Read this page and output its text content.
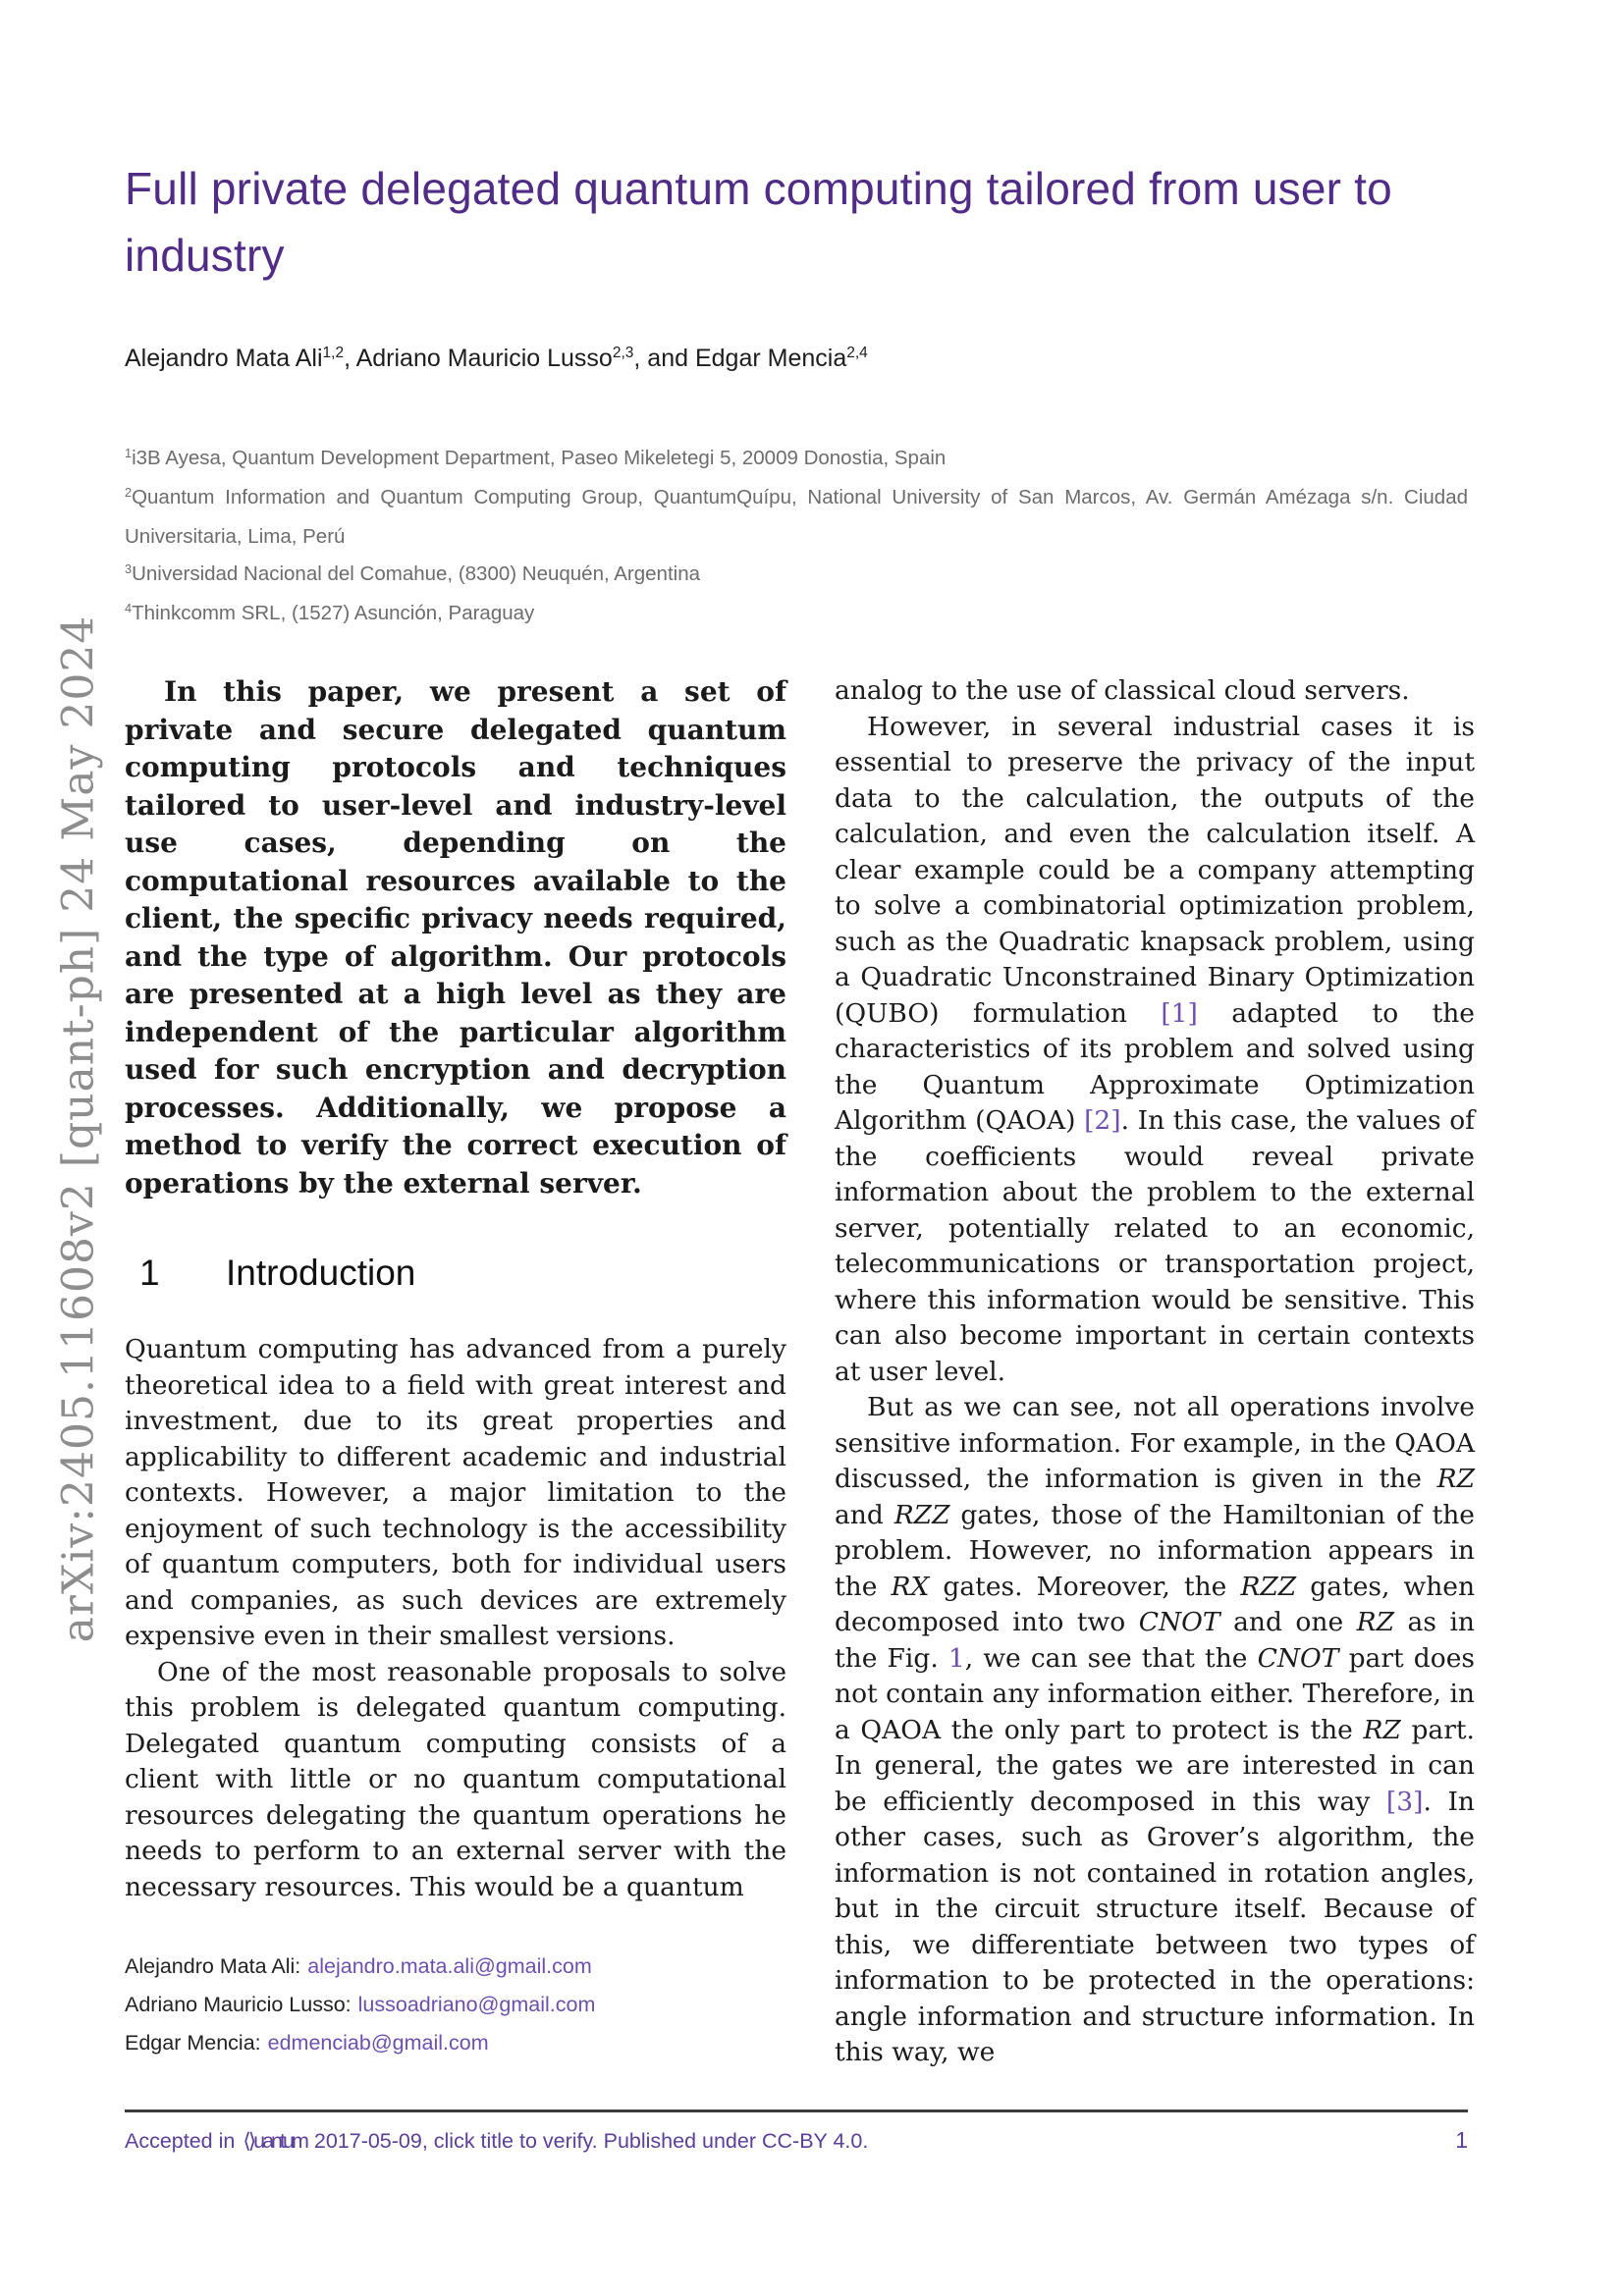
arXiv:2405.11608v2 [quant-ph] 24 May 2024
Full private delegated quantum computing tailored from user to industry
Alejandro Mata Ali$^{1,2}$, Adriano Mauricio Lusso$^{2,3}$, and Edgar Mencia$^{2,4}$
$^1$i3B Ayesa, Quantum Development Department, Paseo Mikeletegi 5, 20009 Donostia, Spain
$^2$Quantum Information and Quantum Computing Group, QuantumQuípu, National University of San Marcos, Av. Germán Amézaga s/n. Ciudad Universitaria, Lima, Perú
$^3$Universidad Nacional del Comahue, (8300) Neuquén, Argentina
$^4$Thinkcomm SRL, (1527) Asunción, Paraguay
In this paper, we present a set of private and secure delegated quantum computing protocols and techniques tailored to user-level and industry-level use cases, depending on the computational resources available to the client, the specific privacy needs required, and the type of algorithm. Our protocols are presented at a high level as they are independent of the particular algorithm used for such encryption and decryption processes. Additionally, we propose a method to verify the correct execution of operations by the external server.
1	Introduction

Quantum computing has advanced from a purely theoretical idea to a field with great interest and investment, due to its great properties and applicability to different academic and industrial contexts. However, a major limitation to the enjoyment of such technology is the accessibility of quantum computers, both for individual users and companies, as such devices are extremely expensive even in their smallest versions.

One of the most reasonable proposals to solve this problem is delegated quantum computing. Delegated quantum computing consists of a client with little or no quantum computational resources delegating the quantum operations he needs to perform to an external server with the necessary resources. This would be a quantum

Alejandro Mata Ali: alejandro.mata.ali@gmail.com
Adriano Mauricio Lusso: lussoadriano@gmail.com
Edgar Mencia: edmenciab@gmail.com

analog to the use of classical cloud servers.

However, in several industrial cases it is essential to preserve the privacy of the input data to the calculation, the outputs of the calculation, and even the calculation itself. A clear example could be a company attempting to solve a combinatorial optimization problem, such as the Quadratic knapsack problem, using a Quadratic Unconstrained Binary Optimization (QUBO) formulation [1] adapted to the characteristics of its problem and solved using the Quantum Approximate Optimization Algorithm (QAOA) [2]. In this case, the values of the coefficients would reveal private information about the problem to the external server, potentially related to an economic, telecommunications or transportation project, where this information would be sensitive. This can also become important in certain contexts at user level.

But as we can see, not all operations involve sensitive information. For example, in the QAOA discussed, the information is given in the RZ and RZZ gates, those of the Hamiltonian of the problem. However, no information appears in the RX gates. Moreover, the RZZ gates, when decomposed into two CNOT and one RZ as in the Fig. 1, we can see that the CNOT part does not contain any information either. Therefore, in a QAOA the only part to protect is the RZ part. In general, the gates we are interested in can be efficiently decomposed in this way [3]. In other cases, such as Grover’s algorithm, the information is not contained in rotation angles, but in the circuit structure itself. Because of this, we differentiate between two types of information to be protected in the operations: angle information and structure information. In this way, we

Accepted in ⟨⟩uantum 2017-05-09, click title to verify. Published under CC-BY 4.0.	1
